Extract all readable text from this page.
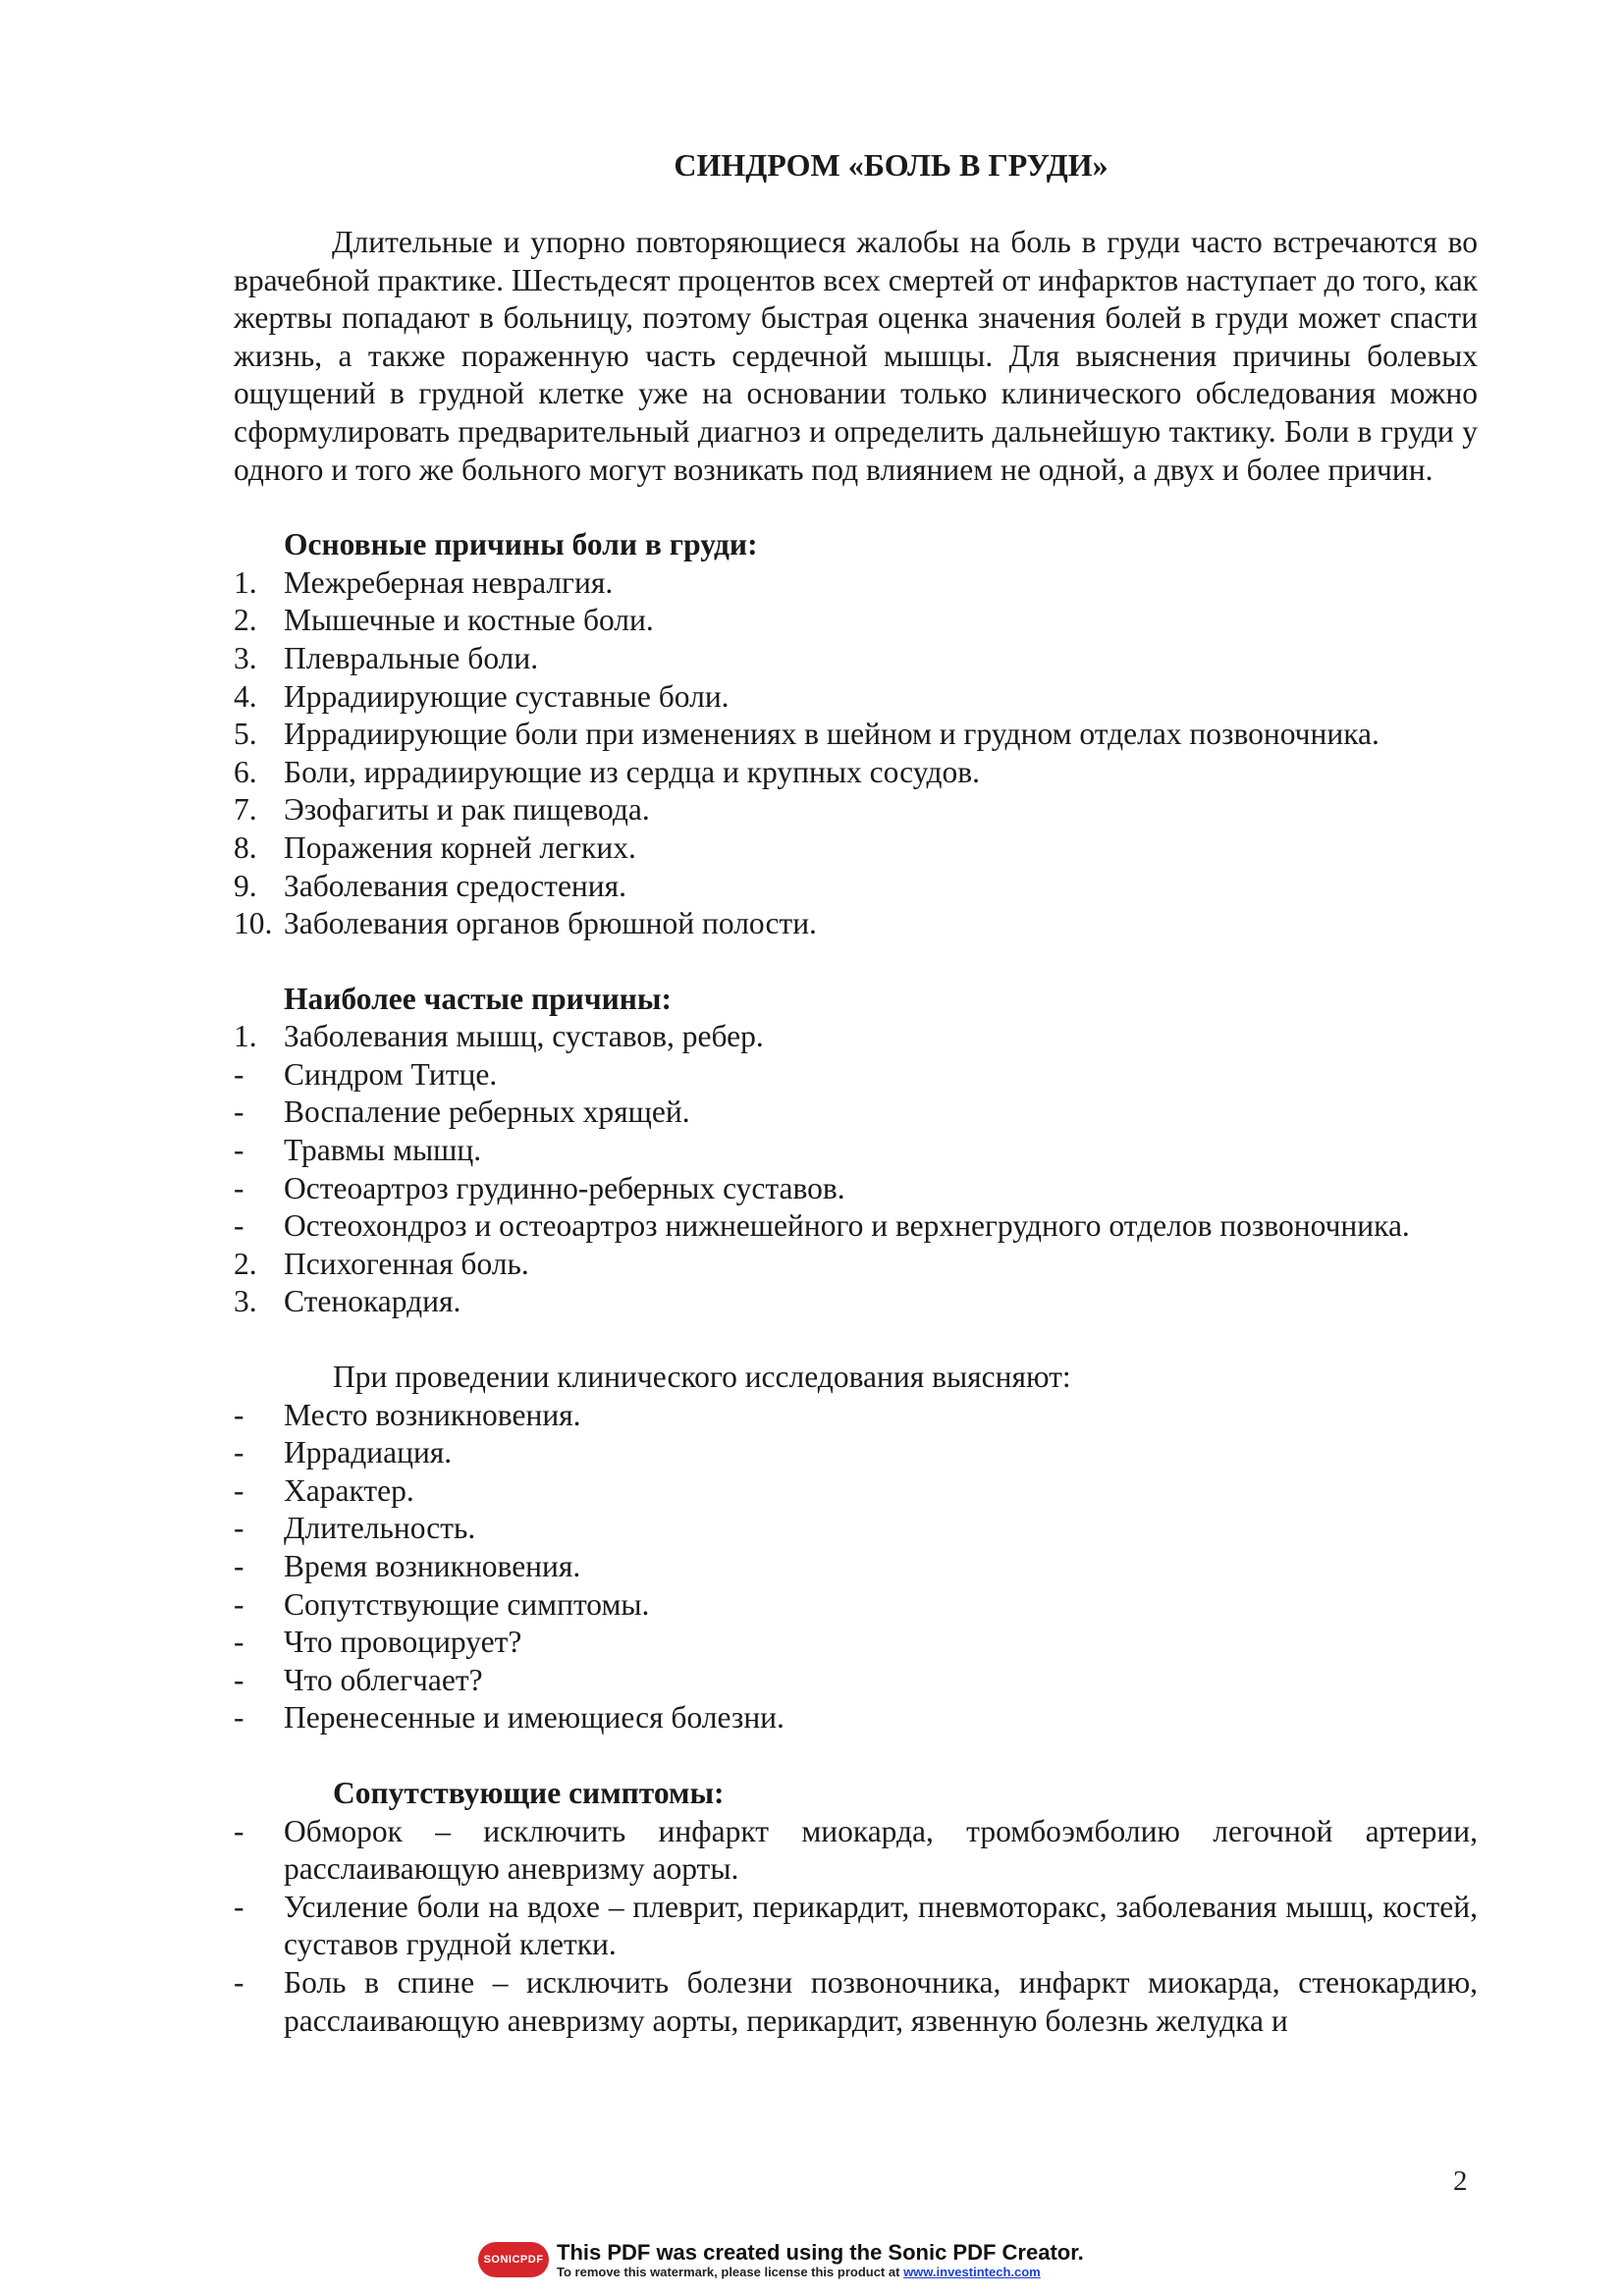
СИНДРОМ «БОЛЬ В ГРУДИ»

Длительные и упорно повторяющиеся жалобы на боль в груди часто встречаются во врачебной практике. Шестьдесят процентов всех смертей от инфарктов наступает до того, как жертвы попадают в больницу, поэтому быстрая оценка значения болей в груди может спасти жизнь, а также пораженную часть сердечной мышцы. Для выяснения причины болевых ощущений в грудной клетке уже на основании только клинического обследования можно сформулировать предварительный диагноз и определить дальнейшую тактику. Боли в груди у одного и того же больного могут возникать под влиянием не одной, а двух и более причин.

Основные причины боли в груди:
1. Межреберная невралгия.
2. Мышечные и костные боли.
3. Плевральные боли.
4. Иррадиирующие суставные боли.
5. Иррадиирующие боли при изменениях в шейном и грудном отделах позвоночника.
6. Боли, иррадиирующие из сердца и крупных сосудов.
7. Эзофагиты и рак пищевода.
8. Поражения корней легких.
9. Заболевания средостения.
10. Заболевания органов брюшной полости.
Наиболее частые причины:
1. Заболевания мышц, суставов, ребер.
-	Синдром Титце.
-	Воспаление реберных хрящей.
-	Травмы мышц.
-	Остеоартроз грудинно-реберных суставов.
-	Остеохондроз и остеоартроз нижнешейного и верхнегрудного отделов позвоночника.
2. Психогенная боль.
3. Стенокардия.
При проведении клинического исследования выясняют:
-	Место возникновения.
-	Иррадиация.
-	Характер.
-	Длительность.
-	Время возникновения.
-	Сопутствующие симптомы.
-	Что провоцирует?
-	Что облегчает?
-	Перенесенные и имеющиеся болезни.
Сопутствующие симптомы:
-	Обморок – исключить инфаркт миокарда, тромбоэмболию легочной артерии, расслаивающую аневризму аорты.
-	Усиление боли на вдохе – плеврит, перикардит, пневмоторакс, заболевания мышц, костей, суставов грудной клетки.
-	Боль в спине – исключить болезни позвоночника, инфаркт миокарда, стенокардию, расслаивающую аневризму аорты, перикардит, язвенную болезнь желудка и
2
SONICPDF This PDF was created using the Sonic PDF Creator.
To remove this watermark, please license this product at www.investintech.com
